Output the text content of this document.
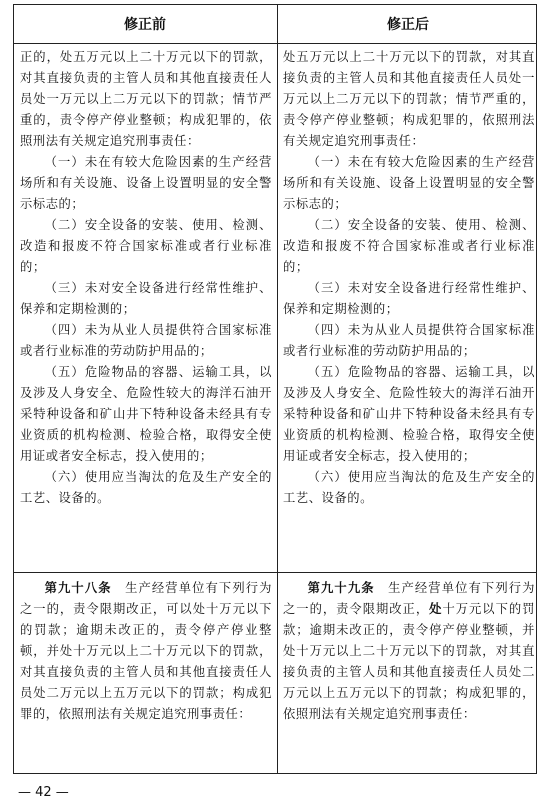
修正前	修正后

正的，处五万元以上二十万元以下的罚款，对其直接负责的主管人员和其他直接责任人员处一万元以上二万元以下的罚款；情节严重的，责令停产停业整顿；构成犯罪的，依照刑法有关规定追究刑事责任：

（一）未在有较大危险因素的生产经营场所和有关设施、设备上设置明显的安全警示标志的；

（二）安全设备的安装、使用、检测、改造和报废不符合国家标准或者行业标准的；

（三）未对安全设备进行经常性维护、保养和定期检测的；

（四）未为从业人员提供符合国家标准或者行业标准的劳动防护用品的；

（五）危险物品的容器、运输工具，以及涉及人身安全、危险性较大的海洋石油开采特种设备和矿山井下特种设备未经具有专业资质的机构检测、检验合格，取得安全使用证或者安全标志，投入使用的；

（六）使用应当淘汰的危及生产安全的工艺、设备的。

处五万元以上二十万元以下的罚款，对其直接负责的主管人员和其他直接责任人员处一万元以上二万元以下的罚款；情节严重的，责令停产停业整顿；构成犯罪的，依照刑法有关规定追究刑事责任：

（一）未在有较大危险因素的生产经营场所和有关设施、设备上设置明显的安全警示标志的；

（二）安全设备的安装、使用、检测、改造和报废不符合国家标准或者行业标准的；

（三）未对安全设备进行经常性维护、保养和定期检测的；

（四）未为从业人员提供符合国家标准或者行业标准的劳动防护用品的；

（五）危险物品的容器、运输工具，以及涉及人身安全、危险性较大的海洋石油开采特种设备和矿山井下特种设备未经具有专业资质的机构检测、检验合格，取得安全使用证或者安全标志，投入使用的；

（六）使用应当淘汰的危及生产安全的工艺、设备的。

第九十八条　 生产经营单位有下列行为之一的，责令限期改正，可以处十万元以下的罚款；逾期未改正的，责令停产停业整顿，并处十万元以上二十万元以下的罚款，对其直接负责的主管人员和其他直接责任人员处二万元以上五万元以下的罚款；构成犯罪的，依照刑法有关规定追究刑事责任：

第九十九条　 生产经营单位有下列行为之一的，责令限期改正，处十万元以下的罚款；逾期未改正的，责令停产停业整顿，并处十万元以上二十万元以下的罚款，对其直接负责的主管人员和其他直接责任人员处二万元以上五万元以下的罚款；构成犯罪的，依照刑法有关规定追究刑事责任：

— 42 —
